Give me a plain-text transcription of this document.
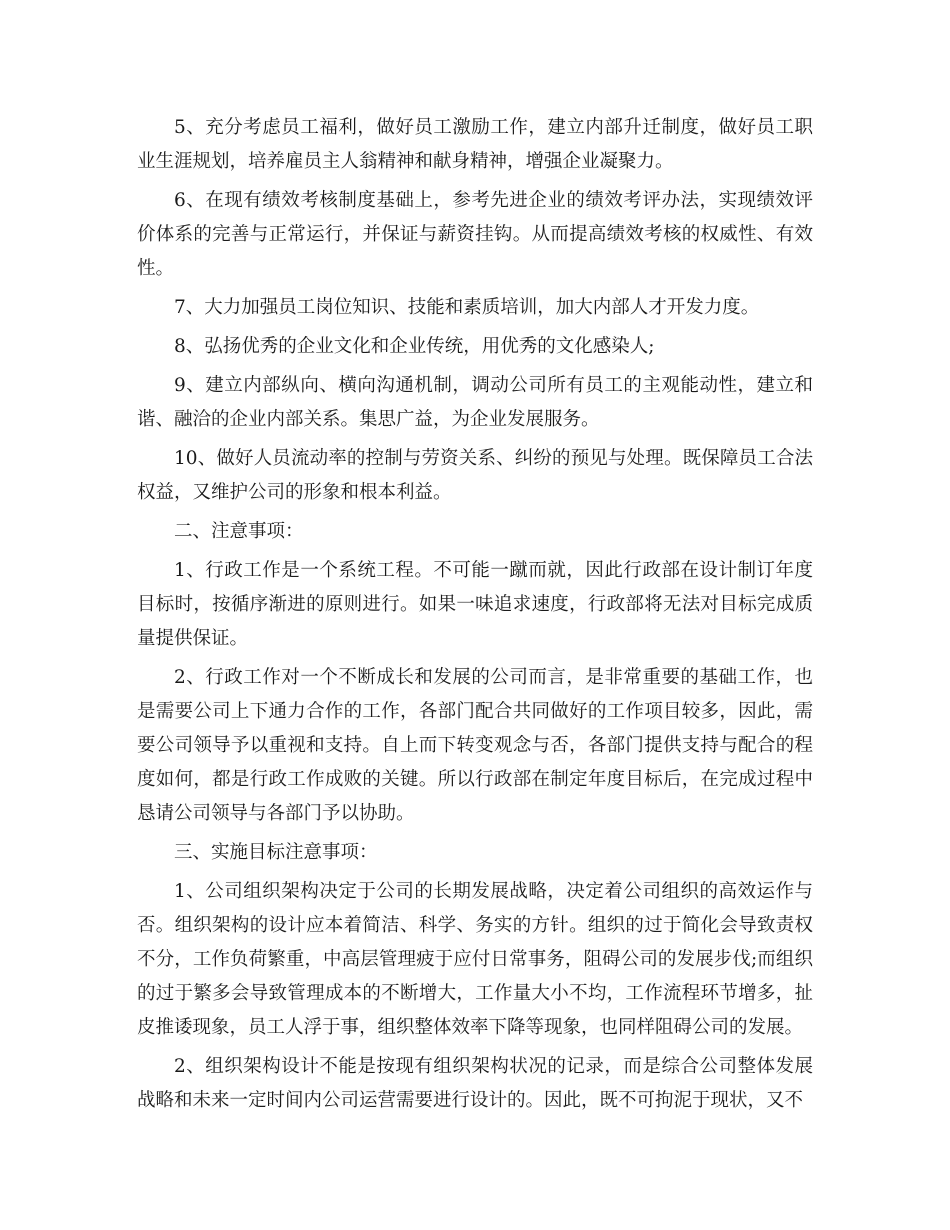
5、充分考虑员工福利，做好员工激励工作，建立内部升迁制度，做好员工职业生涯规划，培养雇员主人翁精神和献身精神，增强企业凝聚力。

6、在现有绩效考核制度基础上，参考先进企业的绩效考评办法，实现绩效评价体系的完善与正常运行，并保证与薪资挂钩。从而提高绩效考核的权威性、有效性。

7、大力加强员工岗位知识、技能和素质培训，加大内部人才开发力度。

8、弘扬优秀的企业文化和企业传统，用优秀的文化感染人;

9、建立内部纵向、横向沟通机制，调动公司所有员工的主观能动性，建立和谐、融洽的企业内部关系。集思广益，为企业发展服务。

10、做好人员流动率的控制与劳资关系、纠纷的预见与处理。既保障员工合法权益，又维护公司的形象和根本利益。

二、注意事项：

1、行政工作是一个系统工程。不可能一蹴而就，因此行政部在设计制订年度目标时，按循序渐进的原则进行。如果一味追求速度，行政部将无法对目标完成质量提供保证。

2、行政工作对一个不断成长和发展的公司而言，是非常重要的基础工作，也是需要公司上下通力合作的工作，各部门配合共同做好的工作项目较多，因此，需要公司领导予以重视和支持。自上而下转变观念与否，各部门提供支持与配合的程度如何，都是行政工作成败的关键。所以行政部在制定年度目标后，在完成过程中恳请公司领导与各部门予以协助。

三、实施目标注意事项：

1、公司组织架构决定于公司的长期发展战略，决定着公司组织的高效运作与否。组织架构的设计应本着简洁、科学、务实的方针。组织的过于简化会导致责权不分，工作负荷繁重，中高层管理疲于应付日常事务，阻碍公司的发展步伐;而组织的过于繁多会导致管理成本的不断增大，工作量大小不均，工作流程环节增多，扯皮推诿现象，员工人浮于事，组织整体效率下降等现象，也同样阻碍公司的发展。

2、组织架构设计不能是按现有组织架构状况的记录，而是综合公司整体发展战略和未来一定时间内公司运营需要进行设计的。因此，既不可拘泥于现状，又不
